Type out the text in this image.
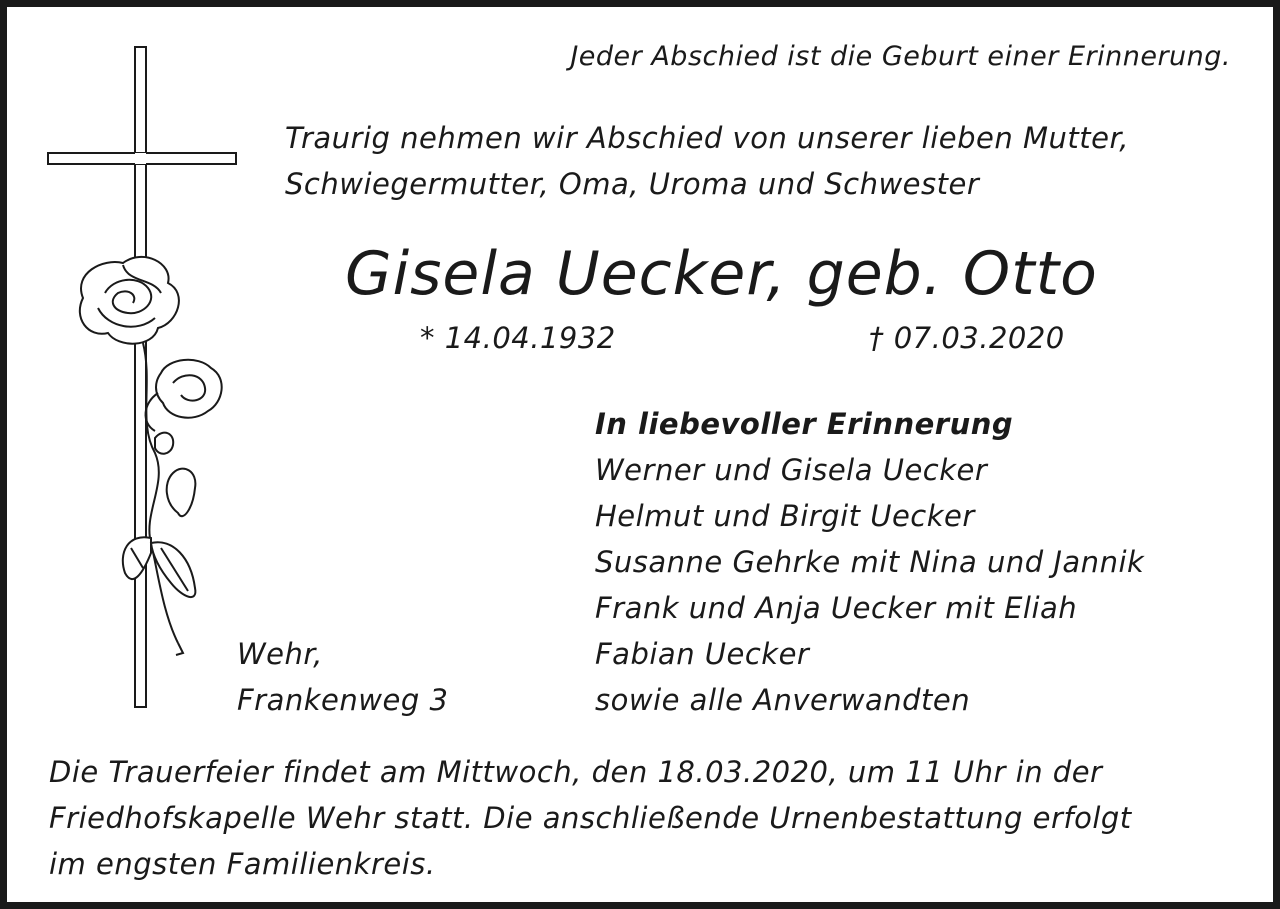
Jeder Abschied ist die Geburt einer Erinnerung.
Traurig nehmen wir Abschied von unserer lieben Mutter,
Schwiegermutter, Oma, Uroma und Schwester
Gisela Uecker, geb. Otto
* 14.04.1932	† 07.03.2020
In liebevoller Erinnerung
Werner und Gisela Uecker
Helmut und Birgit Uecker
Susanne Gehrke mit Nina und Jannik
Frank und Anja Uecker mit Eliah
Fabian Uecker
sowie alle Anverwandten
Wehr,
Frankenweg 3
Die Trauerfeier findet am Mittwoch, den 18.03.2020, um 11 Uhr in der
Friedhofskapelle Wehr statt. Die anschließende Urnenbestattung erfolgt
im engsten Familienkreis.
